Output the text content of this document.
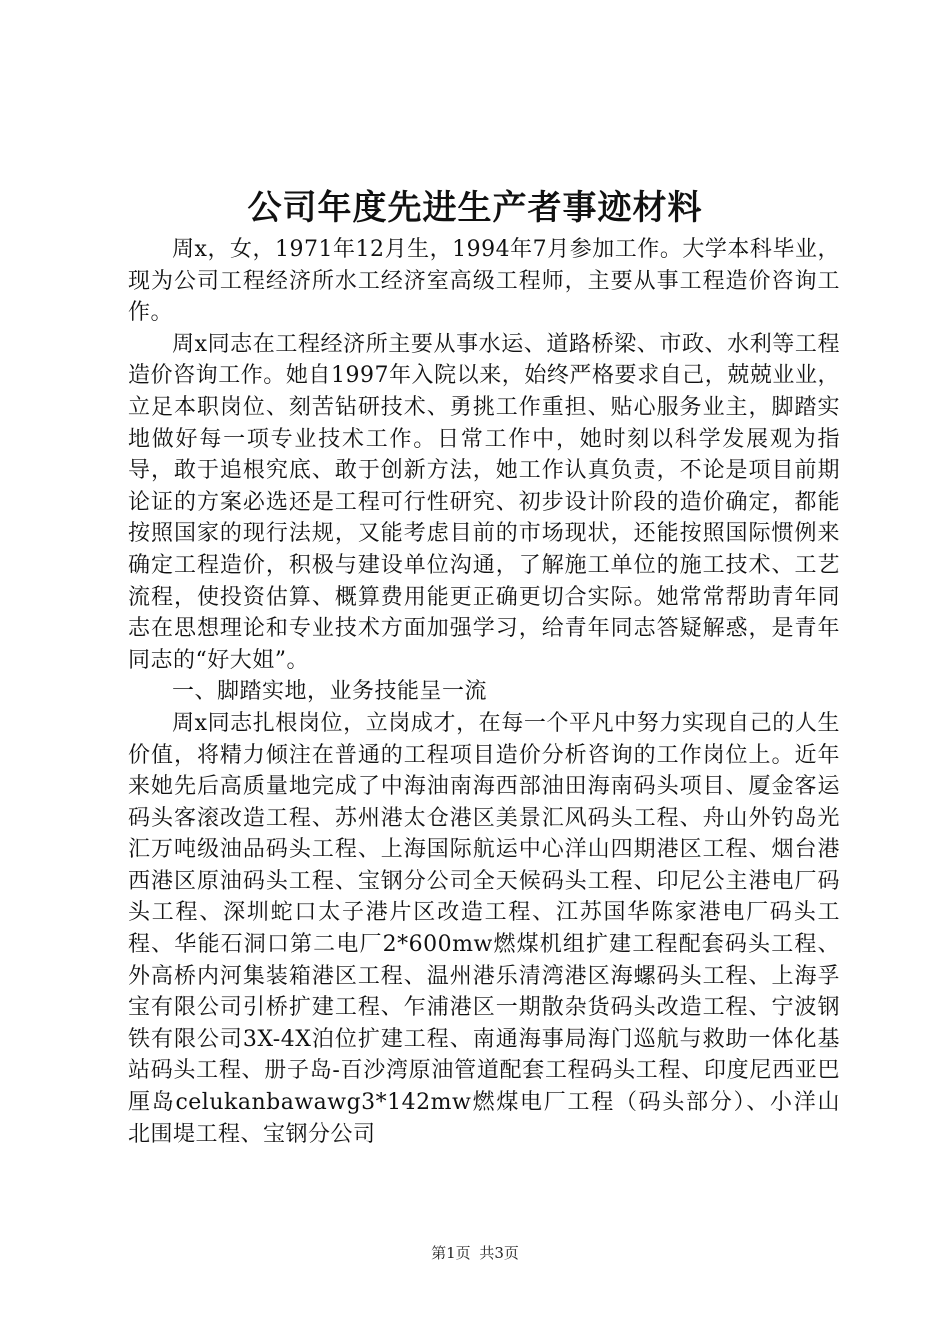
公司年度先进生产者事迹材料

周x，女，1971年12月生，1994年7月参加工作。大学本科毕业，现为公司工程经济所水工经济室高级工程师，主要从事工程造价咨询工作。

周x同志在工程经济所主要从事水运、道路桥梁、市政、水利等工程造价咨询工作。她自1997年入院以来，始终严格要求自己，兢兢业业，立足本职岗位、刻苦钻研技术、勇挑工作重担、贴心服务业主，脚踏实地做好每一项专业技术工作。日常工作中，她时刻以科学发展观为指导，敢于追根究底、敢于创新方法，她工作认真负责，不论是项目前期论证的方案必选还是工程可行性研究、初步设计阶段的造价确定，都能按照国家的现行法规，又能考虑目前的市场现状，还能按照国际惯例来确定工程造价，积极与建设单位沟通，了解施工单位的施工技术、工艺流程，使投资估算、概算费用能更正确更切合实际。她常常帮助青年同志在思想理论和专业技术方面加强学习，给青年同志答疑解惑，是青年同志的“好大姐”。

一、脚踏实地，业务技能呈一流

周x同志扎根岗位，立岗成才，在每一个平凡中努力实现自己的人生价值，将精力倾注在普通的工程项目造价分析咨询的工作岗位上。近年来她先后高质量地完成了中海油南海西部油田海南码头项目、厦金客运码头客滚改造工程、苏州港太仓港区美景汇风码头工程、舟山外钓岛光汇万吨级油品码头工程、上海国际航运中心洋山四期港区工程、烟台港西港区原油码头工程、宝钢分公司全天候码头工程、印尼公主港电厂码头工程、深圳蛇口太子港片区改造工程、江苏国华陈家港电厂码头工程、华能石洞口第二电厂2*600mw燃煤机组扩建工程配套码头工程、外高桥内河集装箱港区工程、温州港乐清湾港区海螺码头工程、上海孚宝有限公司引桥扩建工程、乍浦港区一期散杂货码头改造工程、宁波钢铁有限公司3X-4X泊位扩建工程、南通海事局海门巡航与救助一体化基站码头工程、册子岛-百沙湾原油管道配套工程码头工程、印度尼西亚巴厘岛celukanbawawg3*142mw燃煤电厂工程（码头部分）、小洋山北围堤工程、宝钢分公司

第1页 共3页
